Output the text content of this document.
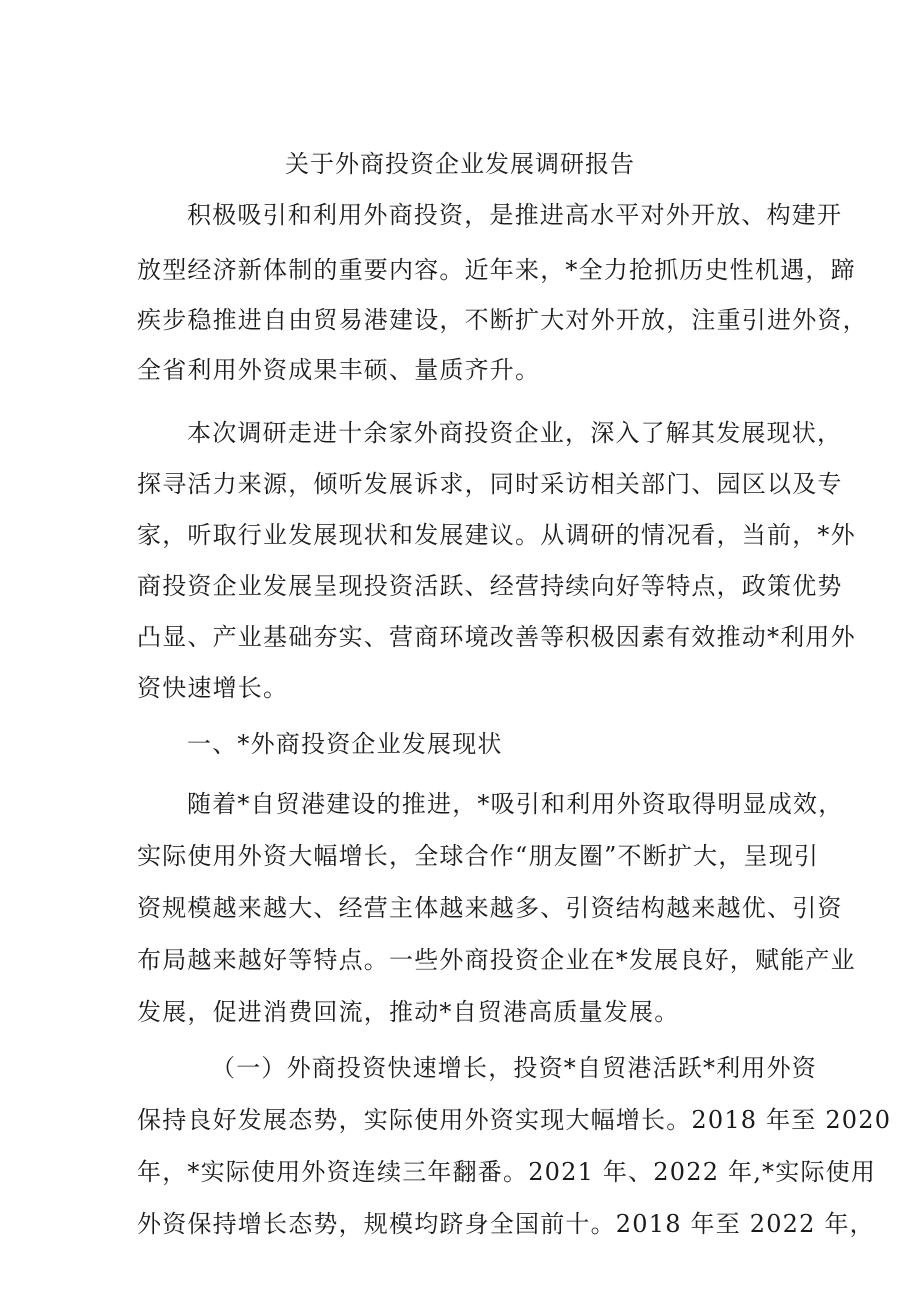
关于外商投资企业发展调研报告
积极吸引和利用外商投资，是推进高水平对外开放、构建开
放型经济新体制的重要内容。近年来，*全力抢抓历史性机遇，蹄
疾步稳推进自由贸易港建设，不断扩大对外开放，注重引进外资，
全省利用外资成果丰硕、量质齐升。
本次调研走进十余家外商投资企业，深入了解其发展现状，
探寻活力来源，倾听发展诉求，同时采访相关部门、园区以及专
家，听取行业发展现状和发展建议。从调研的情况看，当前，*外
商投资企业发展呈现投资活跃、经营持续向好等特点，政策优势
凸显、产业基础夯实、营商环境改善等积极因素有效推动*利用外
资快速增长。
一、*外商投资企业发展现状
随着*自贸港建设的推进，*吸引和利用外资取得明显成效，
实际使用外资大幅增长，全球合作“朋友圈”不断扩大，呈现引
资规模越来越大、经营主体越来越多、引资结构越来越优、引资
布局越来越好等特点。一些外商投资企业在*发展良好，赋能产业
发展，促进消费回流，推动*自贸港高质量发展。
（一）外商投资快速增长，投资*自贸港活跃*利用外资
保持良好发展态势，实际使用外资实现大幅增长。2018 年至 2020
年，*实际使用外资连续三年翻番。2021 年、2022 年,*实际使用
外资保持增长态势，规模均跻身全国前十。2018 年至 2022 年，
